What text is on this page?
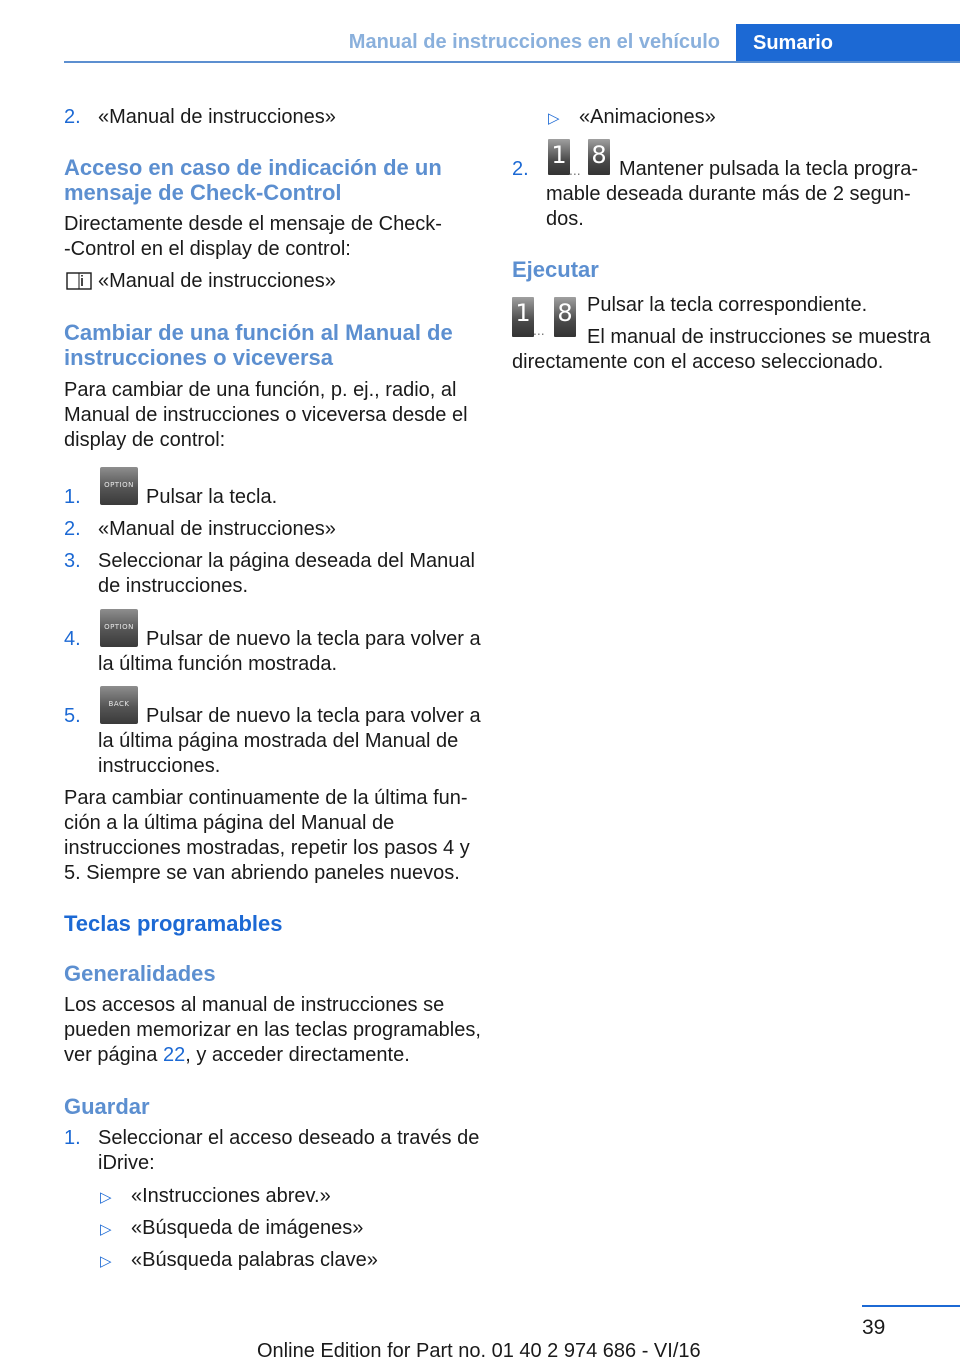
Manual de instrucciones en el vehículo Sumario
2. «Manual de instrucciones»
Acceso en caso de indicación de un
mensaje de Check-Control
Directamente desde el mensaje de Check-
-Control en el display de control:
«Manual de instrucciones»
Cambiar de una función al Manual de
instrucciones o viceversa
Para cambiar de una función, p. ej., radio, al
Manual de instrucciones o viceversa desde el
display de control:
1.
OPTION
Pulsar la tecla.
2. «Manual de instrucciones»
3. Seleccionar la página deseada del Manual
de instrucciones.
4.
OPTION
Pulsar de nuevo la tecla para volver a
la última función mostrada.
5.
BACK
Pulsar de nuevo la tecla para volver a
la última página mostrada del Manual de
instrucciones.
Para cambiar continuamente de la última fun-
ción a la última página del Manual de
instrucciones mostradas, repetir los pasos 4 y
5. Siempre se van abriendo paneles nuevos.
Teclas programables
Generalidades
Los accesos al manual de instrucciones se
pueden memorizar en las teclas programables,
ver página 22, y acceder directamente.
Guardar
1. Seleccionar el acceso deseado a través de
iDrive:
▷ «Instrucciones abrev.»
▷ «Búsqueda de imágenes»
▷ «Búsqueda palabras clave»
▷ «Animaciones»
2. 1
...
8 Mantener pulsada la tecla progra-
mable deseada durante más de 2 segun-
dos.
Ejecutar
1
...
8 Pulsar la tecla correspondiente.
El manual de instrucciones se muestra
directamente con el acceso seleccionado.
39
Online Edition for Part no. 01 40 2 974 686 - VI/16
